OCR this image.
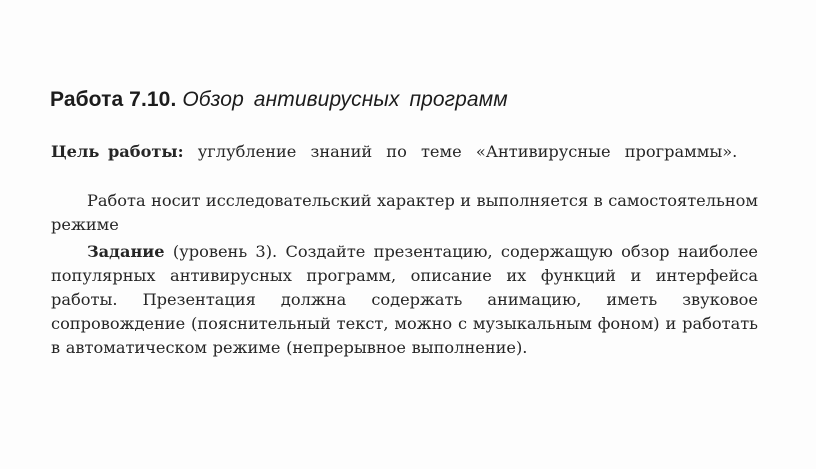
Работа 7.10. Обзор антивирусных программ

Цель работы: углубление знаний по теме «Антивирусные программы».

Работа носит исследовательский характер и выполняется в самостоятельном режиме

Задание (уровень 3). Создайте презентацию, содержащую обзор наиболее популярных антивирусных программ, описание их функций и интерфейса работы. Презентация должна содержать анимацию, иметь звуковое сопровождение (пояснительный текст, можно с музыкальным фоном) и работать в автоматическом режиме (непрерывное выполнение).
